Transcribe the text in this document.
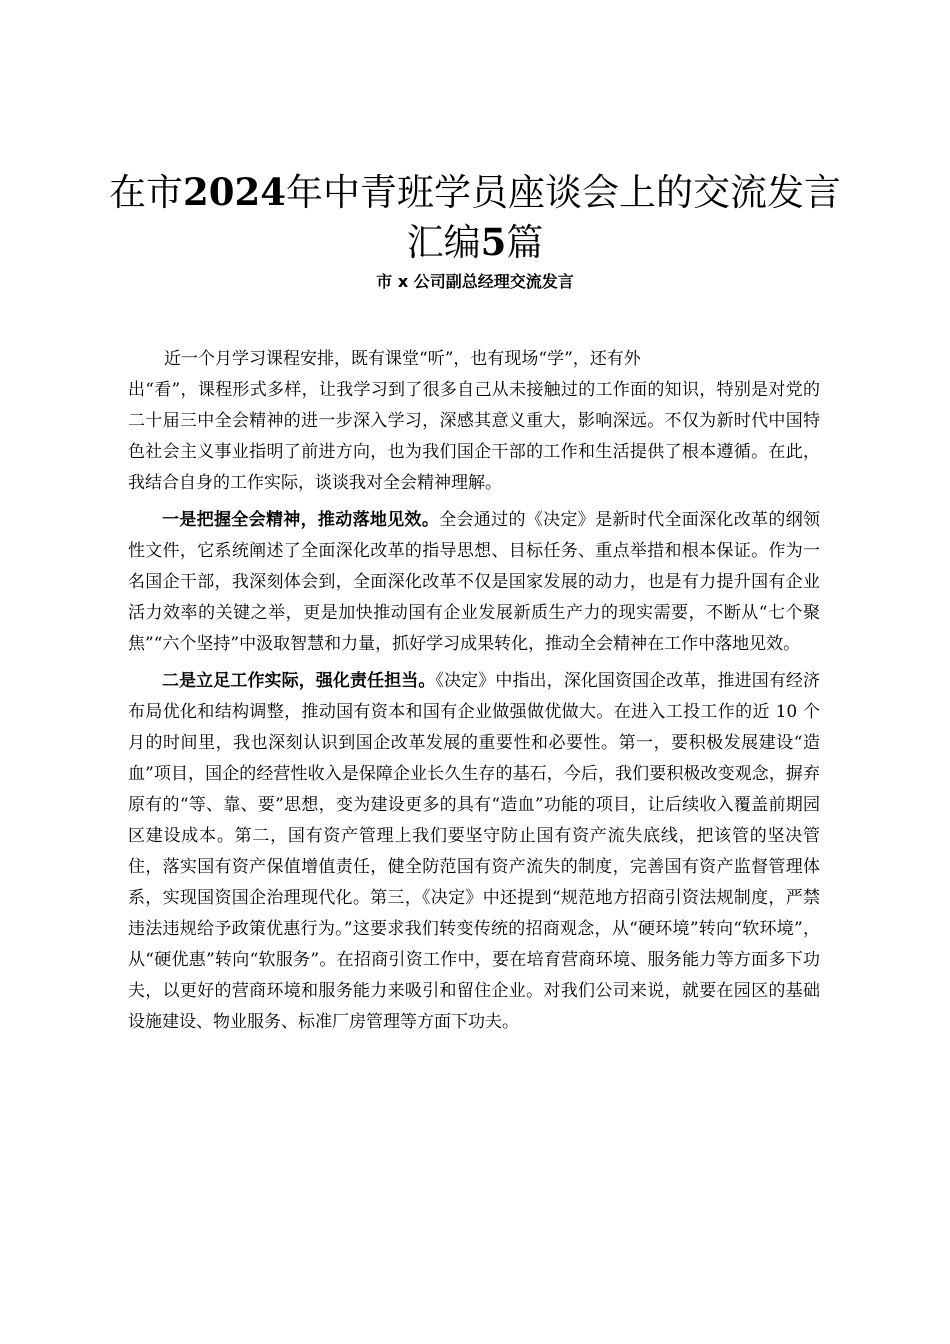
在市2024年中青班学员座谈会上的交流发言
汇编5篇
市 x 公司副总经理交流发言

近一个月学习课程安排，既有课堂“听”，也有现场“学”，还有外
出“看”，课程形式多样，让我学习到了很多自己从未接触过的工作面的知识，特别是对党的二十届三中全会精神的进一步深入学习，深感其意义重大，影响深远。不仅为新时代中国特色社会主义事业指明了前进方向，也为我们国企干部的工作和生活提供了根本遵循。在此，我结合自身的工作实际，谈谈我对全会精神理解。

一是把握全会精神，推动落地见效。全会通过的《决定》是新时代全面深化改革的纲领性文件，它系统阐述了全面深化改革的指导思想、目标任务、重点举措和根本保证。作为一名国企干部，我深刻体会到，全面深化改革不仅是国家发展的动力，也是有力提升国有企业活力效率的关键之举，更是加快推动国有企业发展新质生产力的现实需要，不断从“七个聚焦”“六个坚持”中汲取智慧和力量，抓好学习成果转化，推动全会精神在工作中落地见效。

二是立足工作实际，强化责任担当。《决定》中指出，深化国资国企改革，推进国有经济布局优化和结构调整，推动国有资本和国有企业做强做优做大。在进入工投工作的近 10 个月的时间里，我也深刻认识到国企改革发展的重要性和必要性。第一，要积极发展建设“造血”项目，国企的经营性收入是保障企业长久生存的基石，今后，我们要积极改变观念，摒弃原有的“等、靠、要”思想，变为建设更多的具有“造血”功能的项目，让后续收入覆盖前期园区建设成本。第二，国有资产管理上我们要坚守防止国有资产流失底线，把该管的坚决管住，落实国有资产保值增值责任，健全防范国有资产流失的制度，完善国有资产监督管理体系，实现国资国企治理现代化。第三，《决定》中还提到“规范地方招商引资法规制度，严禁违法违规给予政策优惠行为。”这要求我们转变传统的招商观念，从“硬环境”转向“软环境”，从“硬优惠”转向“软服务”。在招商引资工作中，要在培育营商环境、服务能力等方面多下功夫，以更好的营商环境和服务能力来吸引和留住企业。对我们公司来说，就要在园区的基础设施建设、物业服务、标准厂房管理等方面下功夫。
